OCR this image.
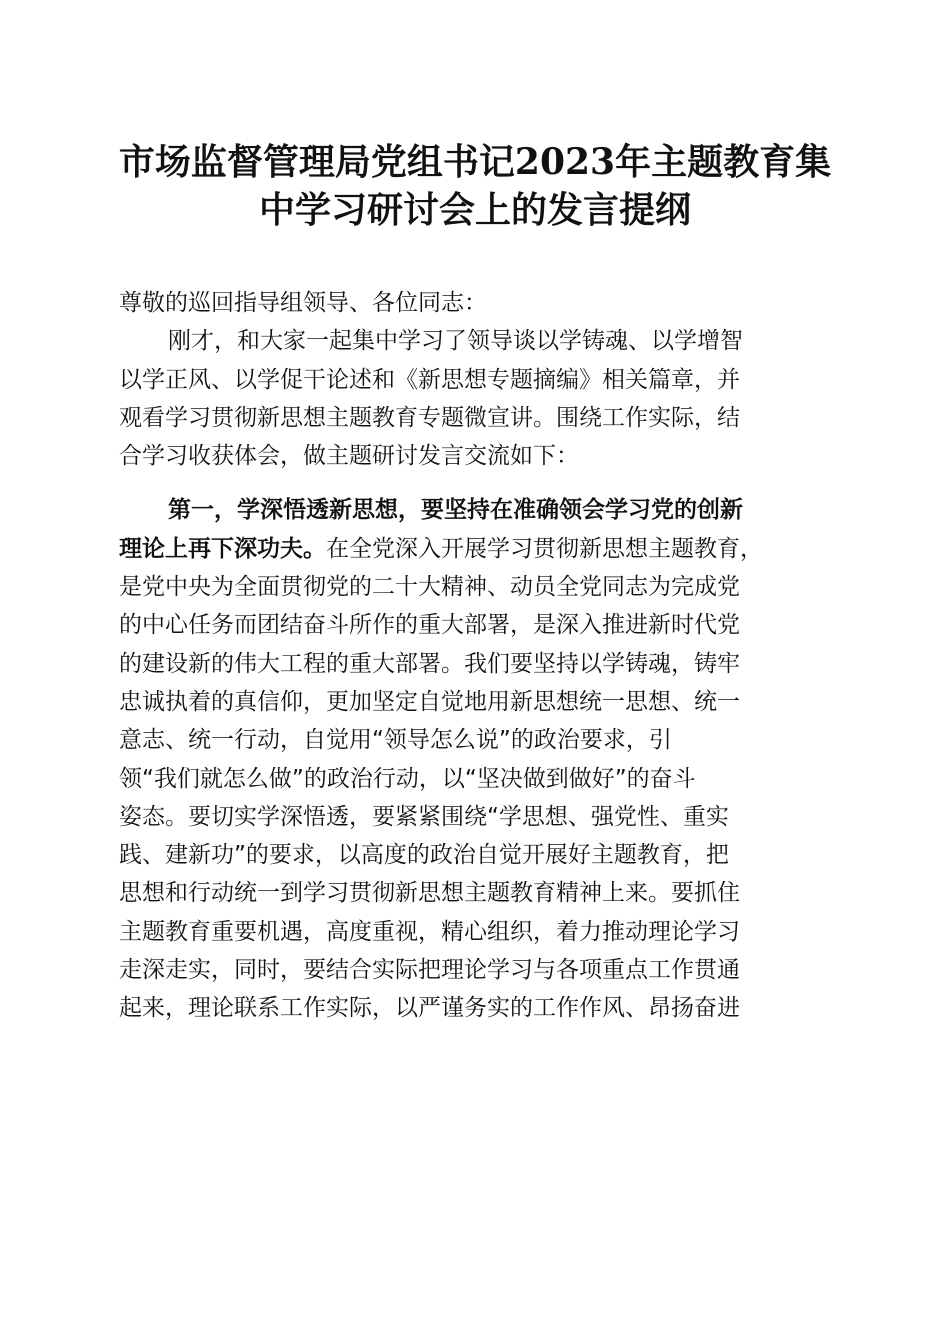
市场监督管理局党组书记2023年主题教育集
中学习研讨会上的发言提纲
尊敬的巡回指导组领导、各位同志：
刚才，和大家一起集中学习了领导谈以学铸魂、以学增智
以学正风、以学促干论述和《新思想专题摘编》相关篇章，并
观看学习贯彻新思想主题教育专题微宣讲。围绕工作实际，结
合学习收获体会，做主题研讨发言交流如下：
第一，学深悟透新思想，要坚持在准确领会学习党的创新
理论上再下深功夫。在全党深入开展学习贯彻新思想主题教育，
是党中央为全面贯彻党的二十大精神、动员全党同志为完成党
的中心任务而团结奋斗所作的重大部署，是深入推进新时代党
的建设新的伟大工程的重大部署。我们要坚持以学铸魂，铸牢
忠诚执着的真信仰，更加坚定自觉地用新思想统一思想、统一
意志、统一行动，自觉用“领导怎么说”的政治要求，引
领“我们就怎么做”的政治行动，以“坚决做到做好”的奋斗
姿态。要切实学深悟透，要紧紧围绕“学思想、强党性、重实
践、建新功”的要求，以高度的政治自觉开展好主题教育，把
思想和行动统一到学习贯彻新思想主题教育精神上来。要抓住
主题教育重要机遇，高度重视，精心组织，着力推动理论学习
走深走实，同时，要结合实际把理论学习与各项重点工作贯通
起来，理论联系工作实际，以严谨务实的工作作风、昂扬奋进
